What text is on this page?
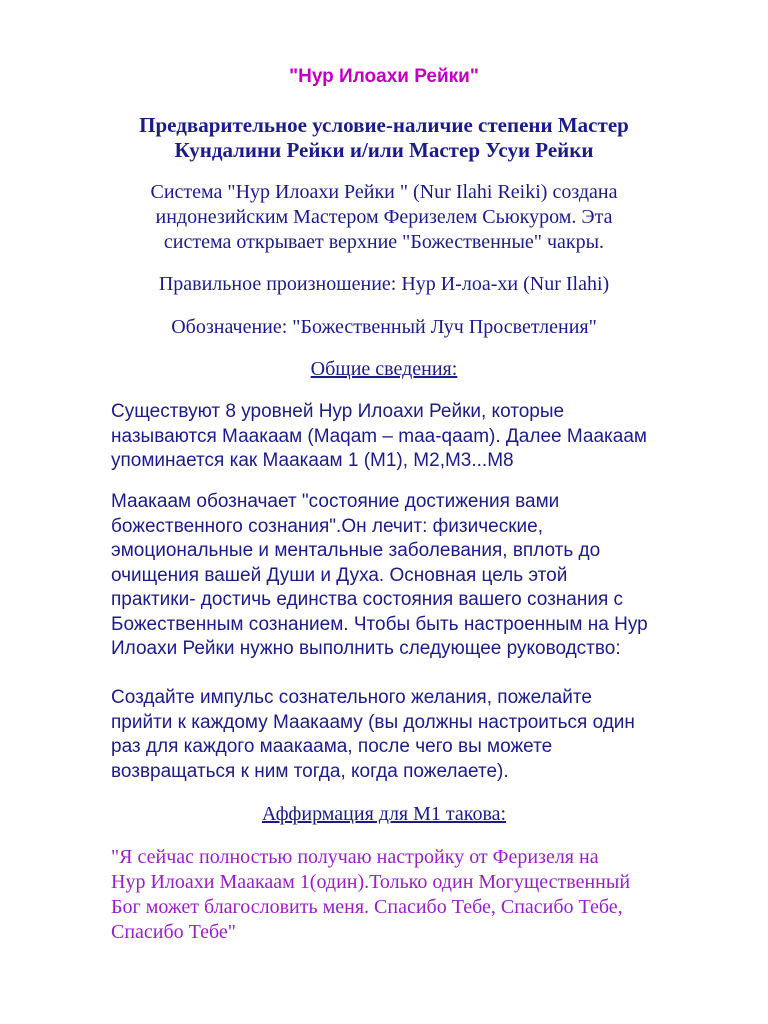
"Нур Илоахи Рейки"
Предварительное условие-наличие степени Мастер
Кундалини Рейки и/или Мастер Усуи Рейки
Система "Нур Илоахи Рейки " (Nur Ilahi Reiki) создана
индонезийским Мастером Феризелем Сьюкуром. Эта
система открывает верхние "Божественные" чакры.
Правильное произношение: Нур И-лоа-хи (Nur Ilahi)
Обозначение: "Божественный Луч Просветления"
Общие сведения:
Существуют 8 уровней Нур Илоахи Рейки, которые
называются Маакаам (Maqam – maa-qaam). Далее Маакаам
упоминается как Маакаам 1 (М1), М2,М3...М8
Маакаам обозначает "состояние достижения вами
божественного сознания".Он лечит: физические,
эмоциональные и ментальные заболевания, вплоть до
очищения вашей Души и Духа. Основная цель этой
практики- достичь единства состояния вашего сознания с
Божественным сознанием. Чтобы быть настроенным на Нур
Илоахи Рейки нужно выполнить следующее руководство:
Создайте импульс сознательного желания, пожелайте
прийти к каждому Маакааму (вы должны настроиться один
раз для каждого маакаама, после чего вы можете
возвращаться к ним тогда, когда пожелаете).
Аффирмация для М1 такова:
"Я сейчас полностью получаю настройку от Феризеля на
Нур Илоахи Маакаам 1(один).Только один Могущественный
Бог может благословить меня. Спасибо Тебе, Спасибо Тебе,
Спасибо Тебе"
